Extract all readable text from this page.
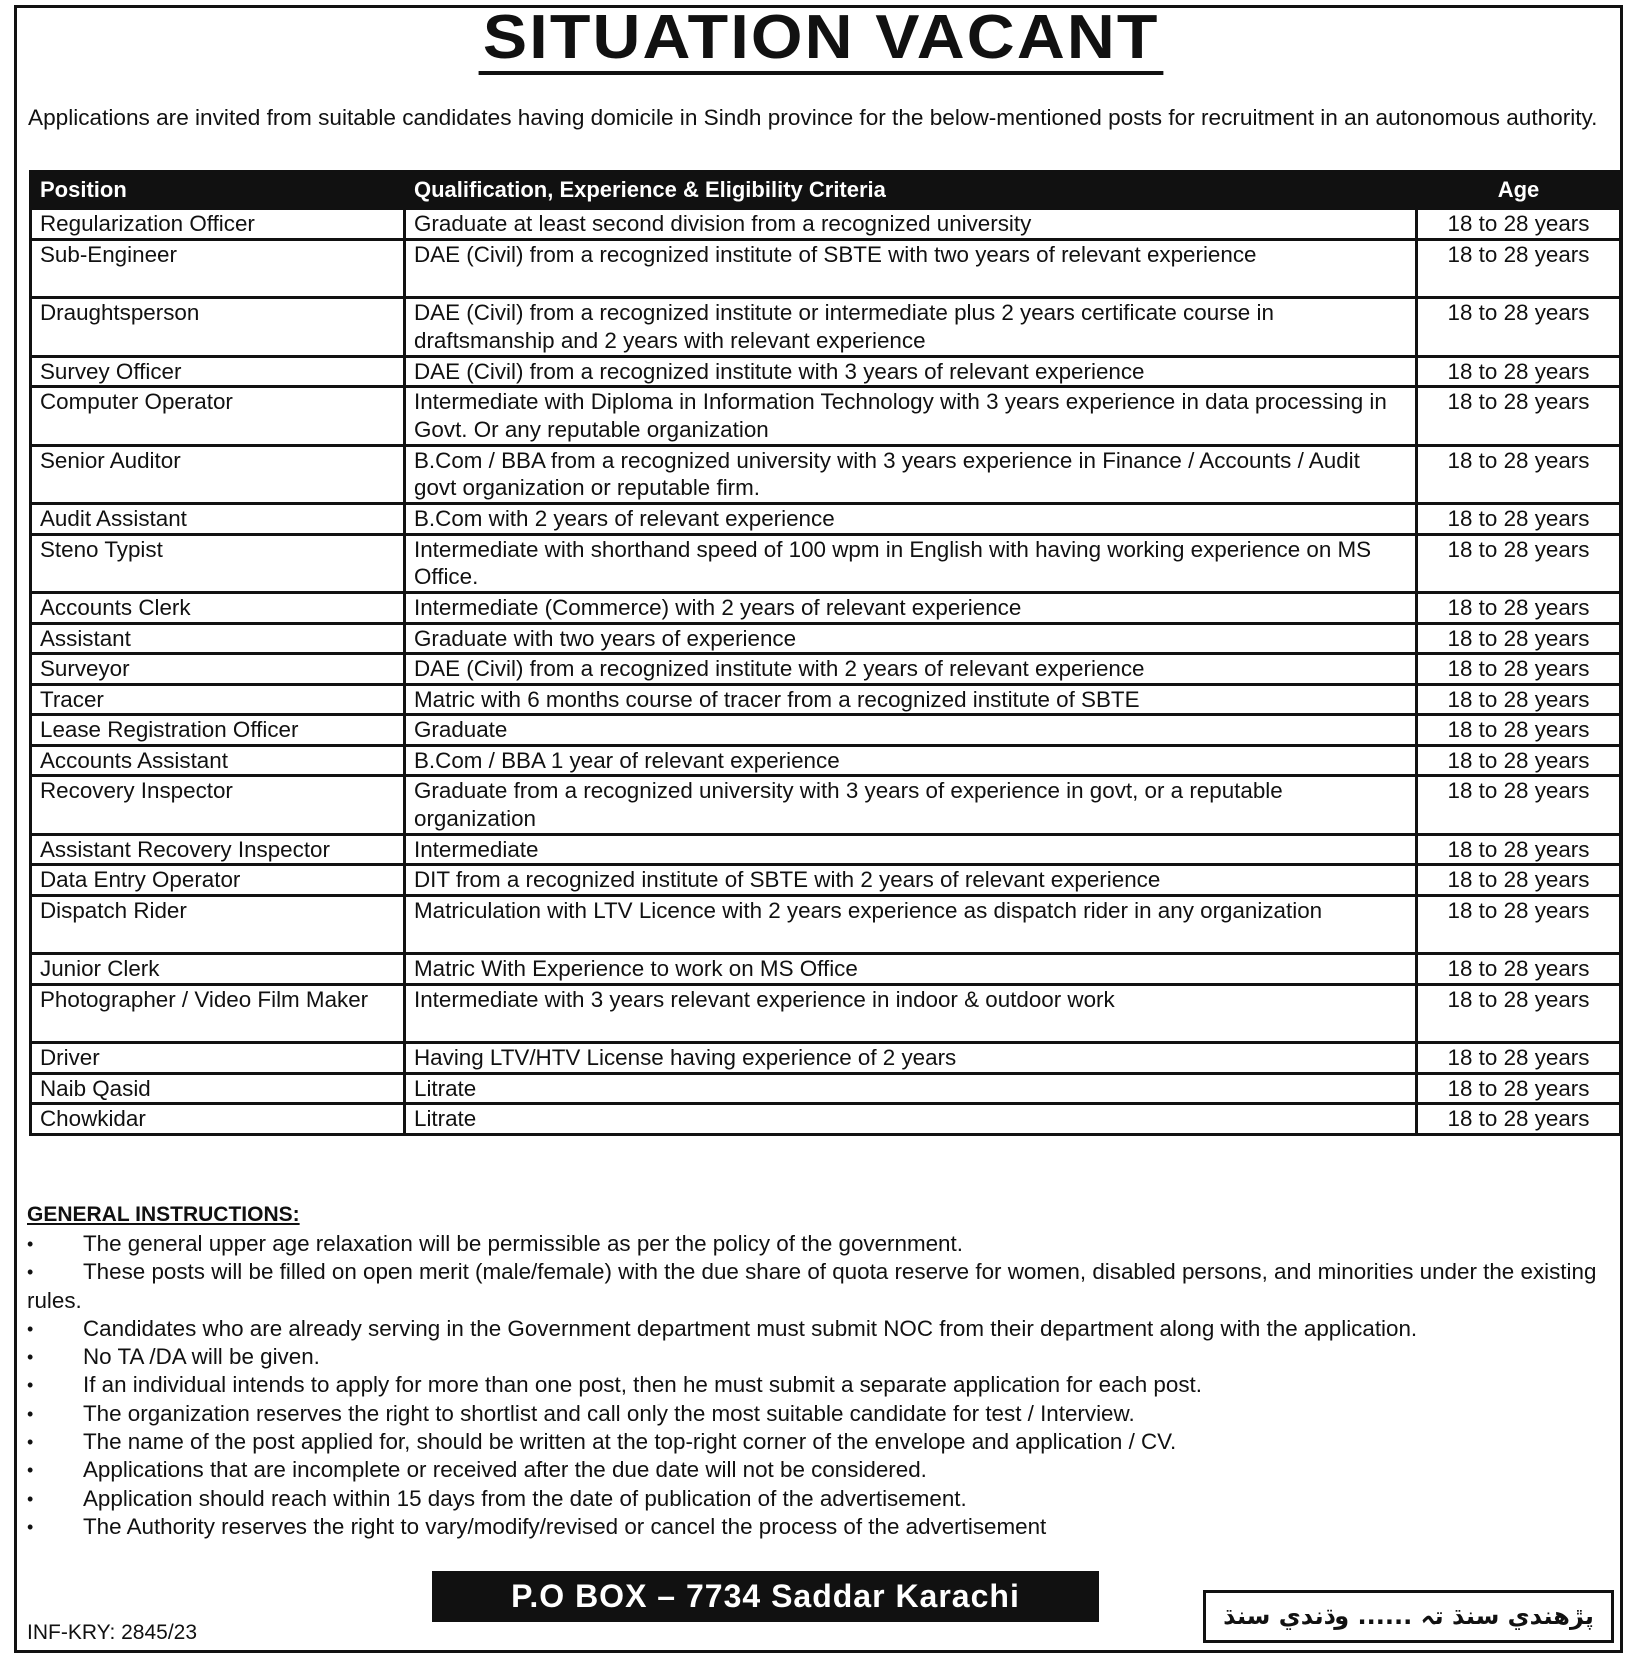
SITUATION VACANT
Applications are invited from suitable candidates having domicile in Sindh province for the below-mentioned posts for recruitment in an autonomous authority.
Position	Qualification, Experience & Eligibility Criteria	Age
Regularization Officer	Graduate at least second division from a recognized university	18 to 28 years
Sub-Engineer	DAE (Civil) from a recognized institute of SBTE with two years of relevant experience	18 to 28 years
Draughtsperson	DAE (Civil) from a recognized institute or intermediate plus 2 years certificate course in draftsmanship and 2 years with relevant experience	18 to 28 years
Survey Officer	DAE (Civil) from a recognized institute with 3 years of relevant experience	18 to 28 years
Computer Operator	Intermediate with Diploma in Information Technology with 3 years experience in data processing in Govt. Or any reputable organization	18 to 28 years
Senior Auditor	B.Com / BBA from a recognized university with 3 years experience in Finance / Accounts / Audit govt organization or reputable firm.	18 to 28 years
Audit Assistant	B.Com with 2 years of relevant experience	18 to 28 years
Steno Typist	Intermediate with shorthand speed of 100 wpm in English with having working experience on MS Office.	18 to 28 years
Accounts Clerk	Intermediate (Commerce) with 2 years of relevant experience	18 to 28 years
Assistant	Graduate with two years of experience	18 to 28 years
Surveyor	DAE (Civil) from a recognized institute with 2 years of relevant experience	18 to 28 years
Tracer	Matric with 6 months course of tracer from a recognized institute of SBTE	18 to 28 years
Lease Registration Officer	Graduate	18 to 28 years
Accounts Assistant	B.Com / BBA 1 year of relevant experience	18 to 28 years
Recovery Inspector	Graduate from a recognized university with 3 years of experience in govt, or a reputable organization	18 to 28 years
Assistant Recovery Inspector	Intermediate	18 to 28 years
Data Entry Operator	DIT from a recognized institute of SBTE with 2 years of relevant experience	18 to 28 years
Dispatch Rider	Matriculation with LTV Licence with 2 years experience as dispatch rider in any organization	18 to 28 years
Junior Clerk	Matric With Experience to work on MS Office	18 to 28 years
Photographer / Video Film Maker	Intermediate with 3 years relevant experience in indoor & outdoor work	18 to 28 years
Driver	Having LTV/HTV License having experience of 2 years	18 to 28 years
Naib Qasid	Litrate	18 to 28 years
Chowkidar	Litrate	18 to 28 years
GENERAL INSTRUCTIONS:
• The general upper age relaxation will be permissible as per the policy of the government.
• These posts will be filled on open merit (male/female) with the due share of quota reserve for women, disabled persons, and minorities under the existing rules.
• Candidates who are already serving in the Government department must submit NOC from their department along with the application.
• No TA /DA will be given.
• If an individual intends to apply for more than one post, then he must submit a separate application for each post.
• The organization reserves the right to shortlist and call only the most suitable candidate for test / Interview.
• The name of the post applied for, should be written at the top-right corner of the envelope and application / CV.
• Applications that are incomplete or received after the due date will not be considered.
• Application should reach within 15 days from the date of publication of the advertisement.
• The Authority reserves the right to vary/modify/revised or cancel the process of the advertisement
P.O BOX – 7734 Saddar Karachi
INF-KRY: 2845/23
پڙهندي سنڌ تہ ...... وڌندي سنڌ
